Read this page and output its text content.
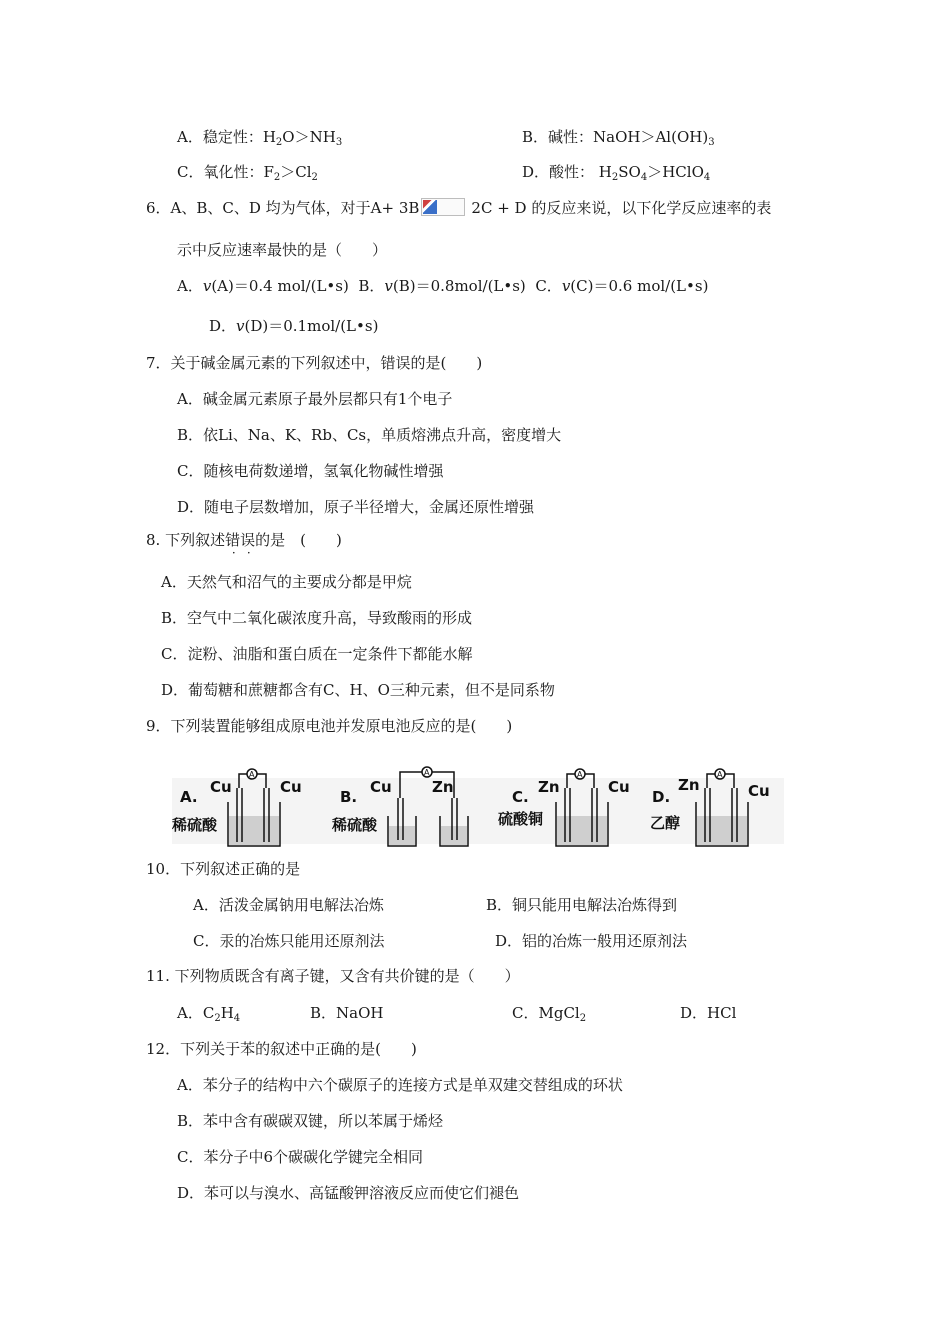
A．稳定性：$H_2O>NH_3$	B．碱性：$NaOH>Al(OH)_3$
C．氧化性：$F_2>Cl_2$	D．酸性： $H_2SO_4>HClO_4$
6．A、B、C、D 均为气体，对于A+ 3B	2C + D 的反应来说，以下化学反应速率的表
示中反应速率最快的是（　　）
A．v(A)＝0.4 mol/(L•s) B．v(B)＝0.8mol/(L•s) C．v(C)＝0.6 mol/(L•s)
D．v(D)＝0.1mol/(L•s)
7．关于碱金属元素的下列叙述中，错误的是(　　)
A．碱金属元素原子最外层都只有1个电子
B．依Li、Na、K、Rb、Cs，单质熔沸点升高，密度增大
C．随核电荷数递增，氢氧化物碱性增强
D．随电子层数增加，原子半径增大，金属还原性增强
8. 下列叙述错误的是　(　　)
A．天然气和沼气的主要成分都是甲烷
B．空气中二氧化碳浓度升高，导致酸雨的形成
C．淀粉、油脂和蛋白质在一定条件下都能水解
D．葡萄糖和蔗糖都含有C、H、O三种元素，但不是同系物
9．下列装置能够组成原电池并发原电池反应的是(　　)
A.
Cu	Cu
稀硫酸
A
B.
Cu	Zn
稀硫酸
A
C.
Zn	Cu
硫酸铜
A
D.
Zn	Cu
乙醇
A
10．下列叙述正确的是
A．活泼金属钠用电解法冶炼	B．铜只能用电解法冶炼得到
C．汞的冶炼只能用还原剂法	D．铝的冶炼一般用还原剂法
11. 下列物质既含有离子键，又含有共价键的是（　　）
A．$C_2H_4$	B．NaOH	C．MgCl$_2$	D．HCl
12．下列关于苯的叙述中正确的是(　　)
A．苯分子的结构中六个碳原子的连接方式是单双建交替组成的环状
B．苯中含有碳碳双键，所以苯属于烯烃
C．苯分子中6个碳碳化学键完全相同
D．苯可以与溴水、高锰酸钾溶液反应而使它们褪色
